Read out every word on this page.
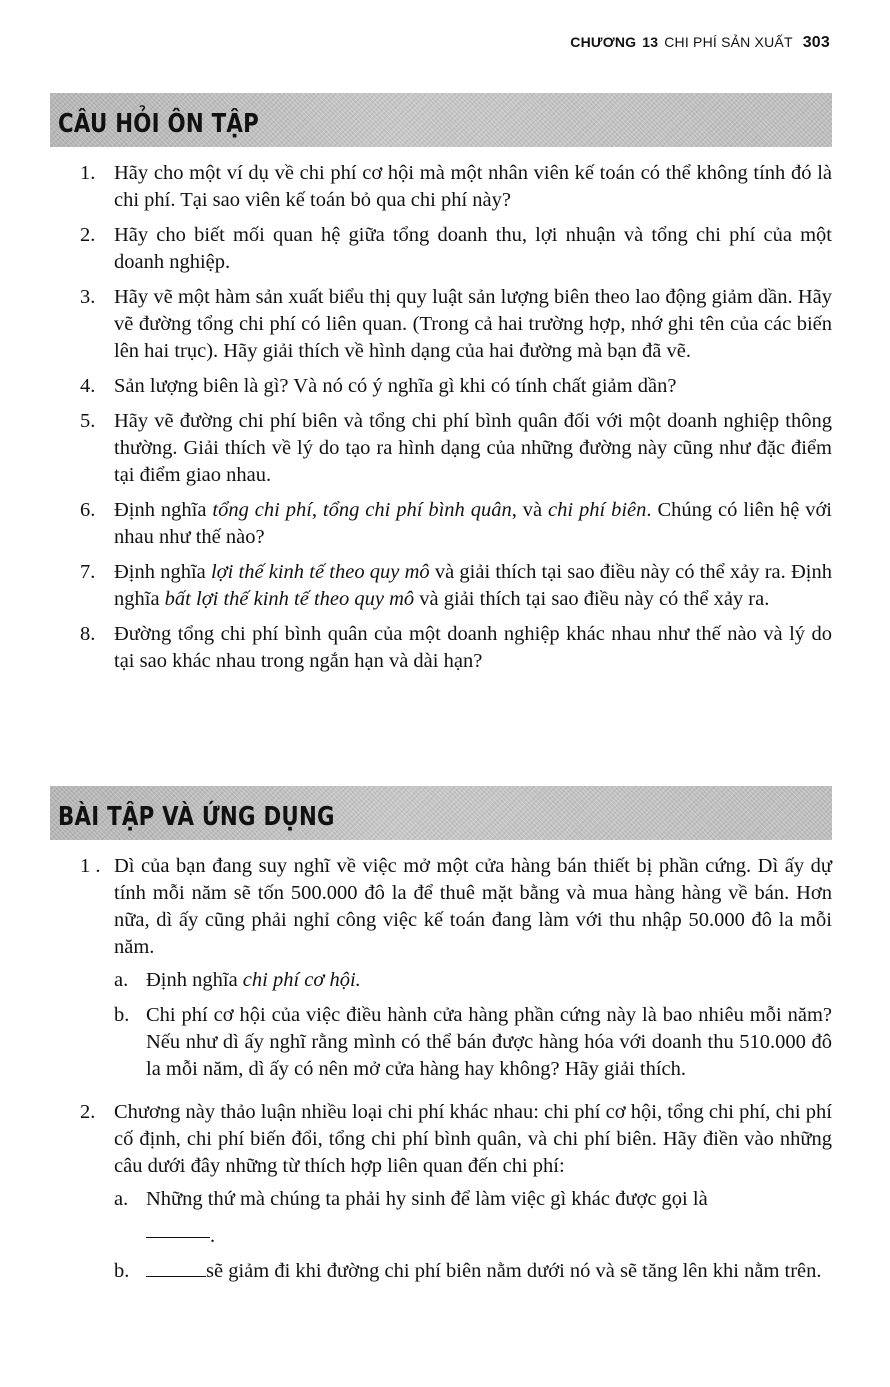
CHƯƠNG 13 CHI PHÍ SẢN XUẤT 303
CÂU HỎI ÔN TẬP
1. Hãy cho một ví dụ về chi phí cơ hội mà một nhân viên kế toán có thể không tính đó là chi phí. Tại sao viên kế toán bỏ qua chi phí này?
2. Hãy cho biết mối quan hệ giữa tổng doanh thu, lợi nhuận và tổng chi phí của một doanh nghiệp.
3. Hãy vẽ một hàm sản xuất biểu thị quy luật sản lượng biên theo lao động giảm dần. Hãy vẽ đường tổng chi phí có liên quan. (Trong cả hai trường hợp, nhớ ghi tên của các biến lên hai trục). Hãy giải thích về hình dạng của hai đường mà bạn đã vẽ.
4. Sản lượng biên là gì? Và nó có ý nghĩa gì khi có tính chất giảm dần?
5. Hãy vẽ đường chi phí biên và tổng chi phí bình quân đối với một doanh nghiệp thông thường. Giải thích về lý do tạo ra hình dạng của những đường này cũng như đặc điểm tại điểm giao nhau.
6. Định nghĩa tổng chi phí, tổng chi phí bình quân, và chi phí biên. Chúng có liên hệ với nhau như thế nào?
7. Định nghĩa lợi thế kinh tế theo quy mô và giải thích tại sao điều này có thể xảy ra. Định nghĩa bất lợi thế kinh tế theo quy mô và giải thích tại sao điều này có thể xảy ra.
8. Đường tổng chi phí bình quân của một doanh nghiệp khác nhau như thế nào và lý do tại sao khác nhau trong ngắn hạn và dài hạn?
BÀI TẬP VÀ ỨNG DỤNG
1 . Dì của bạn đang suy nghĩ về việc mở một cửa hàng bán thiết bị phần cứng. Dì ấy dự tính mỗi năm sẽ tốn 500.000 đô la để thuê mặt bằng và mua hàng hàng về bán. Hơn nữa, dì ấy cũng phải nghỉ công việc kế toán đang làm với thu nhập 50.000 đô la mỗi năm.
a. Định nghĩa chi phí cơ hội.
b. Chi phí cơ hội của việc điều hành cửa hàng phần cứng này là bao nhiêu mỗi năm? Nếu như dì ấy nghĩ rằng mình có thể bán được hàng hóa với doanh thu 510.000 đô la mỗi năm, dì ấy có nên mở cửa hàng hay không? Hãy giải thích.
2. Chương này thảo luận nhiều loại chi phí khác nhau: chi phí cơ hội, tổng chi phí, chi phí cố định, chi phí biến đổi, tổng chi phí bình quân, và chi phí biên. Hãy điền vào những câu dưới đây những từ thích hợp liên quan đến chi phí:
a. Những thứ mà chúng ta phải hy sinh để làm việc gì khác được gọi là
.
b.	sẽ giảm đi khi đường chi phí biên nằm dưới nó và sẽ tăng lên khi nằm trên.
